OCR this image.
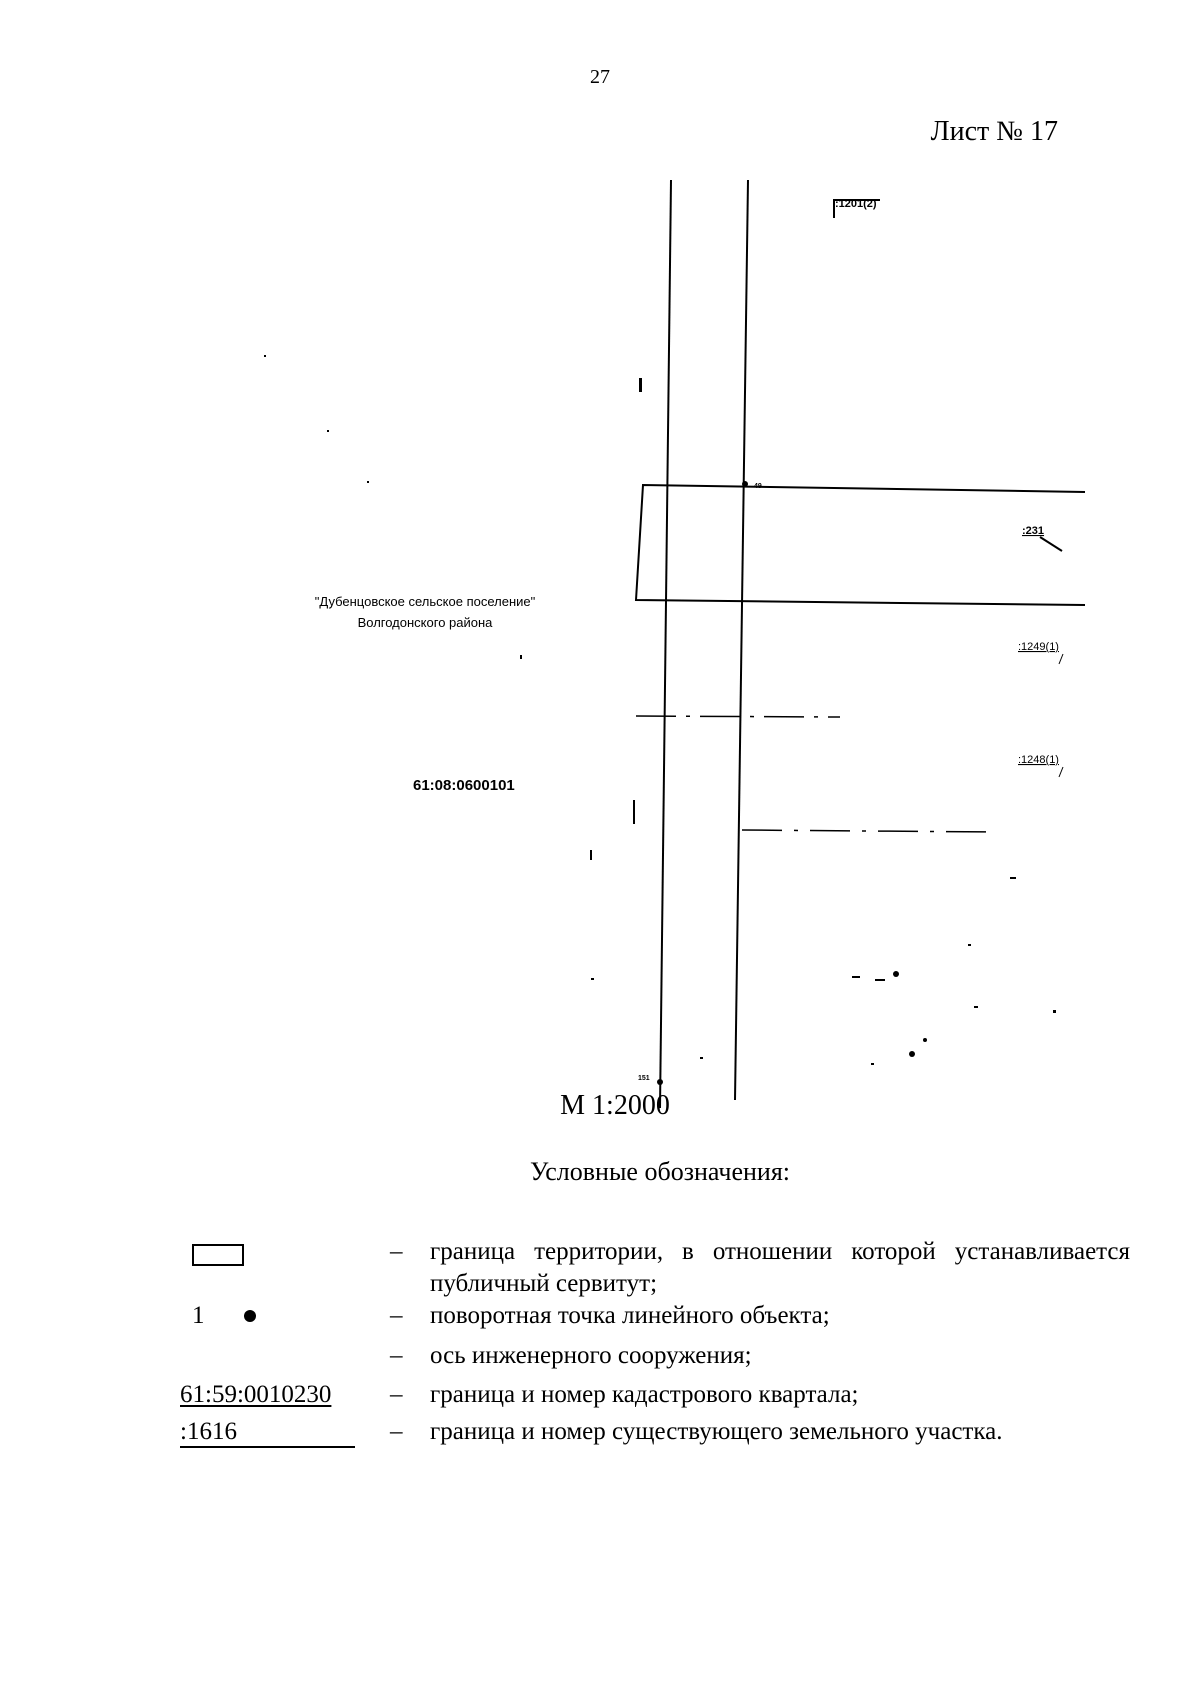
27
Лист № 17
:1201(2)
49
:231
:1249(1)
:1248(1)
61:08:0600101
"Дубенцовское сельское поселение"
Волгодонского района
151
М 1:2000
Условные обозначения:
– граница территории, в отношении которой устанавливается публичный сервитут;
1	– поворотная точка линейного объекта;
– ось инженерного сооружения;
61:59:0010230	– граница и номер кадастрового квартала;
:1616	– граница и номер существующего земельного участка.
